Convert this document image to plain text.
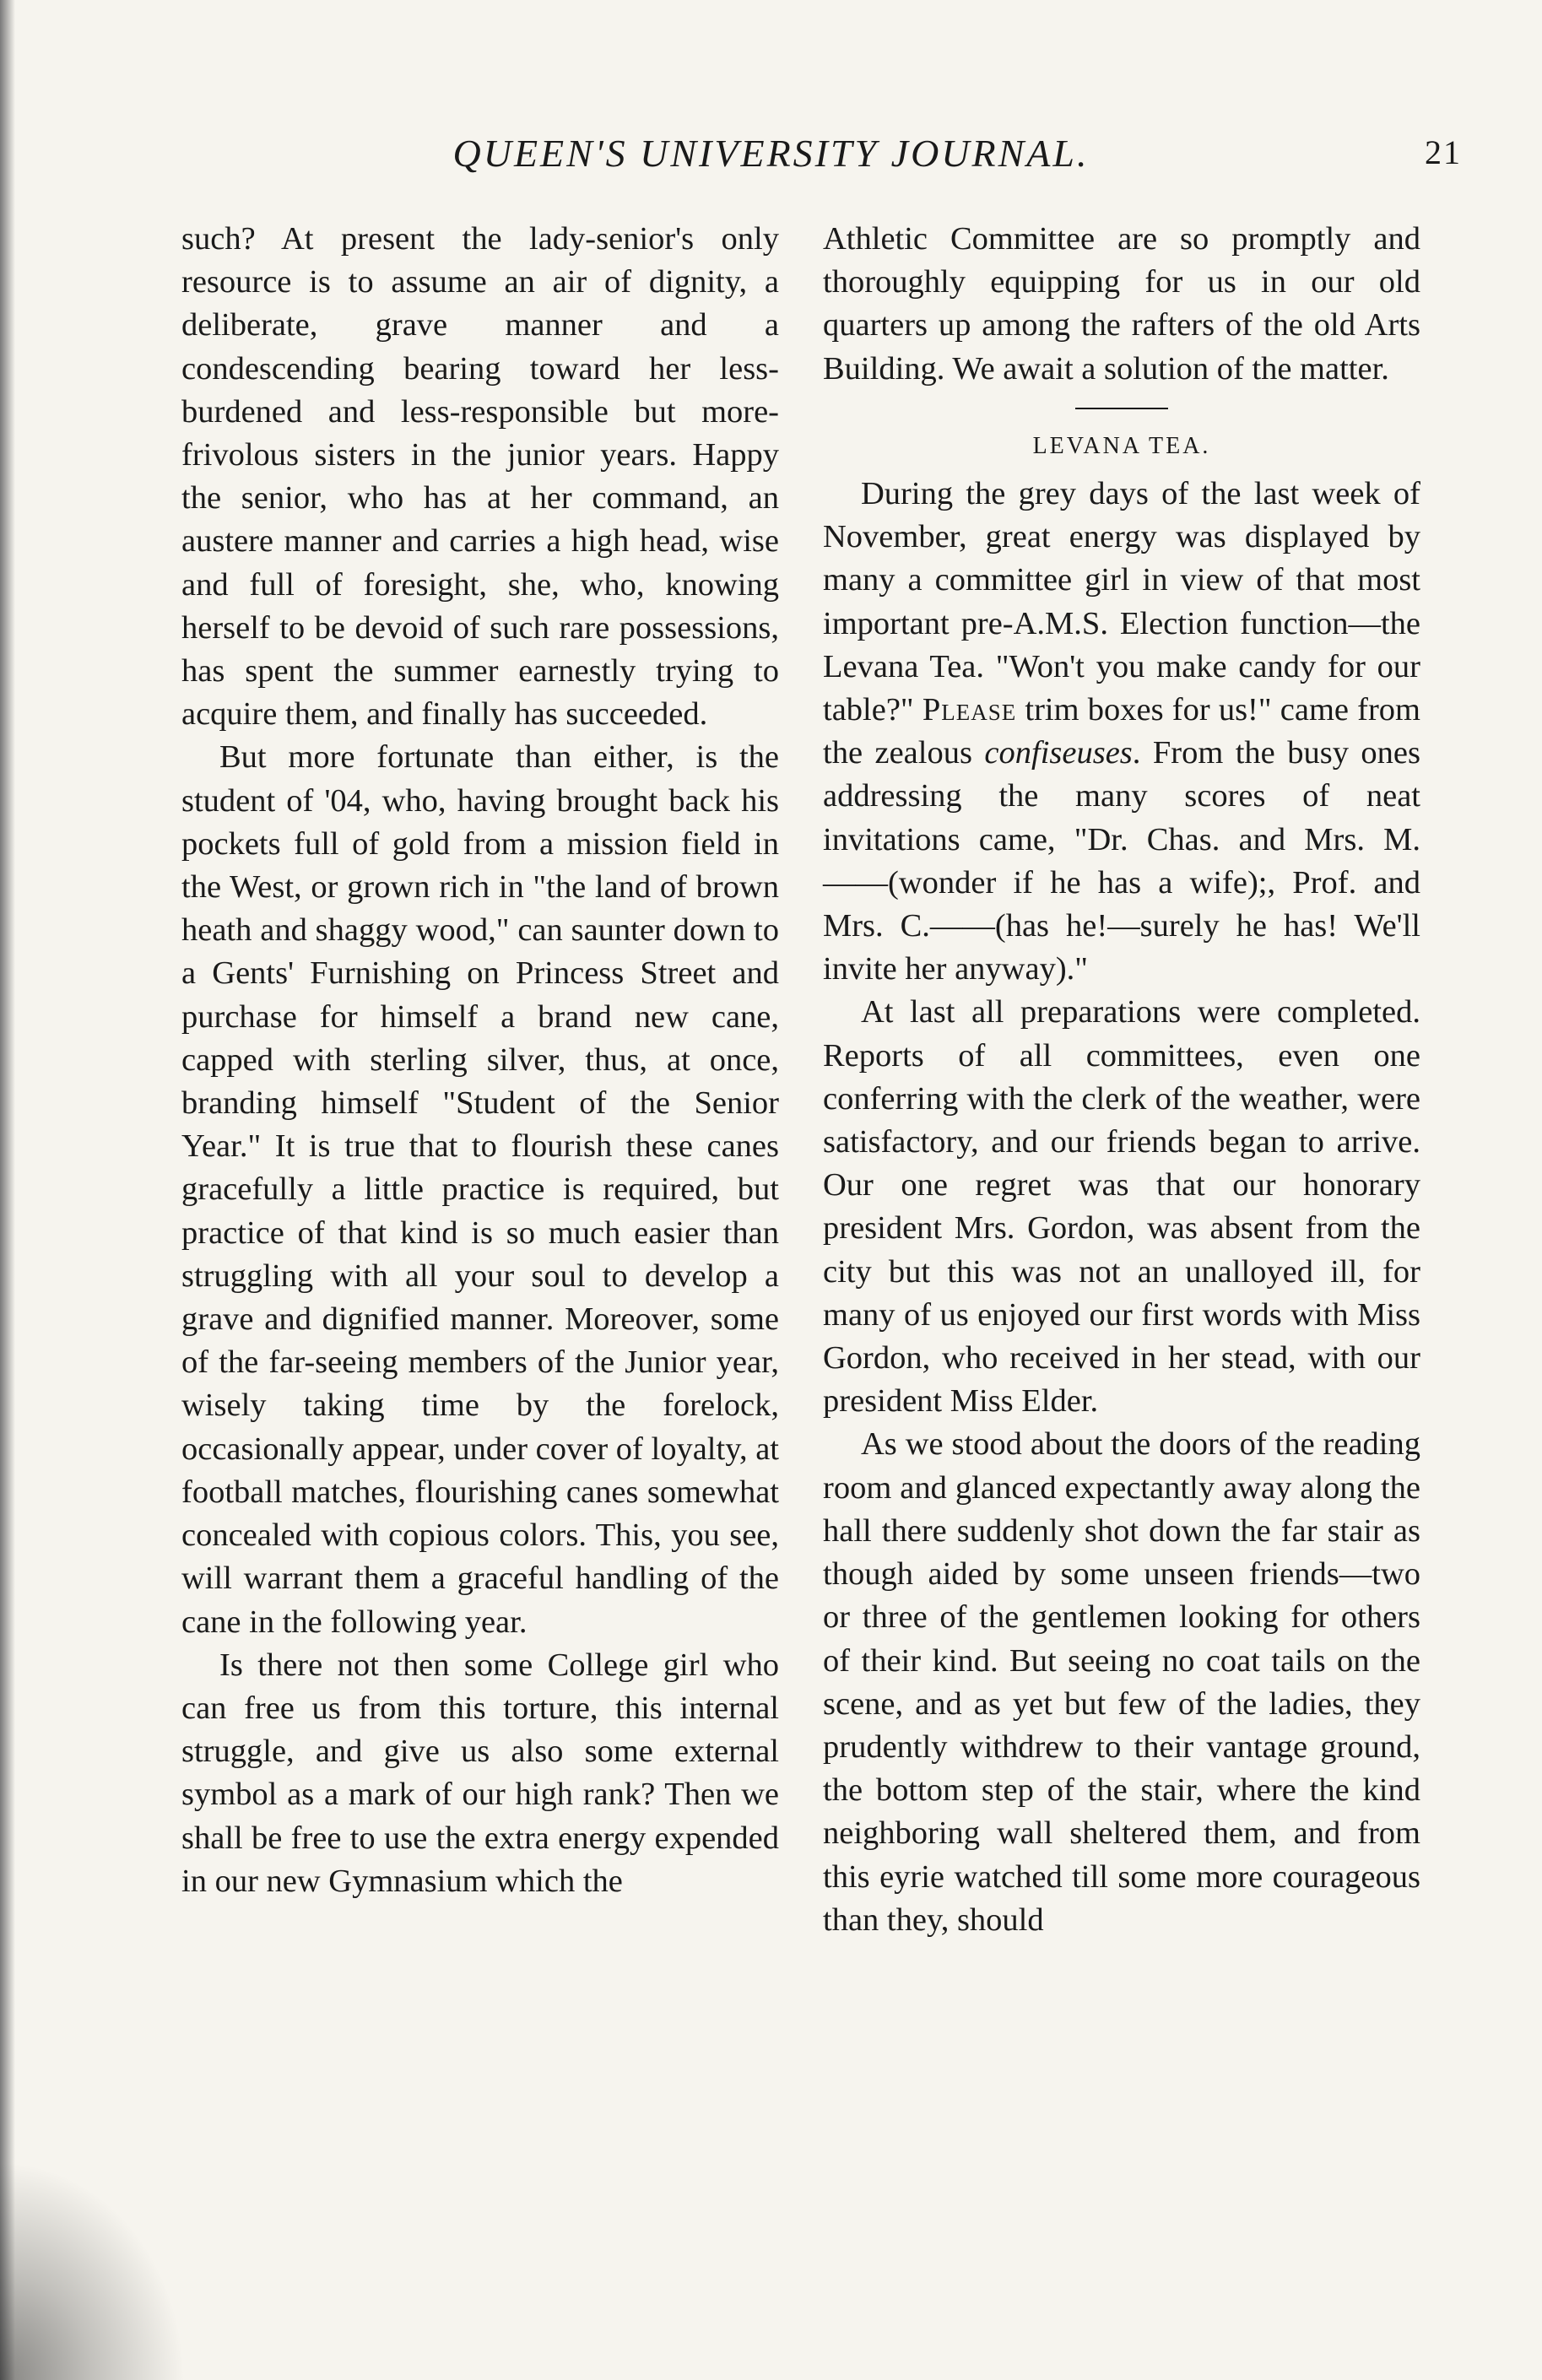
QUEEN'S UNIVERSITY JOURNAL.	21

such? At present the lady-senior's only resource is to assume an air of dignity, a deliberate, grave manner and a condescending bearing toward her less-burdened and less-responsible but more-frivolous sisters in the junior years. Happy the senior, who has at her command, an austere manner and carries a high head, wise and full of foresight, she, who, knowing herself to be devoid of such rare possessions, has spent the summer earnestly trying to acquire them, and finally has succeeded.

But more fortunate than either, is the student of '04, who, having brought back his pockets full of gold from a mission field in the West, or grown rich in "the land of brown heath and shaggy wood," can saunter down to a Gents' Furnishing on Princess Street and purchase for himself a brand new cane, capped with sterling silver, thus, at once, branding himself "Student of the Senior Year." It is true that to flourish these canes gracefully a little practice is required, but practice of that kind is so much easier than struggling with all your soul to develop a grave and dignified manner. Moreover, some of the far-seeing members of the Junior year, wisely taking time by the forelock, occasionally appear, under cover of loyalty, at football matches, flourishing canes somewhat concealed with copious colors. This, you see, will warrant them a graceful handling of the cane in the following year.

Is there not then some College girl who can free us from this torture, this internal struggle, and give us also some external symbol as a mark of our high rank? Then we shall be free to use the extra energy expended in our new Gymnasium which the

Athletic Committee are so promptly and thoroughly equipping for us in our old quarters up among the rafters of the old Arts Building. We await a solution of the matter.

LEVANA TEA.

During the grey days of the last week of November, great energy was displayed by many a committee girl in view of that most important pre-A.M.S. Election function—the Levana Tea. "Won't you make candy for our table?" Please trim boxes for us!" came from the zealous confiseuses. From the busy ones addressing the many scores of neat invitations came, "Dr. Chas. and Mrs. M.——(wonder if he has a wife);, Prof. and Mrs. C.——(has he!—surely he has! We'll invite her anyway)."

At last all preparations were completed. Reports of all committees, even one conferring with the clerk of the weather, were satisfactory, and our friends began to arrive. Our one regret was that our honorary president Mrs. Gordon, was absent from the city but this was not an unalloyed ill, for many of us enjoyed our first words with Miss Gordon, who received in her stead, with our president Miss Elder.

As we stood about the doors of the reading room and glanced expectantly away along the hall there suddenly shot down the far stair as though aided by some unseen friends—two or three of the gentlemen looking for others of their kind. But seeing no coat tails on the scene, and as yet but few of the ladies, they prudently withdrew to their vantage ground, the bottom step of the stair, where the kind neighboring wall sheltered them, and from this eyrie watched till some more courageous than they, should
